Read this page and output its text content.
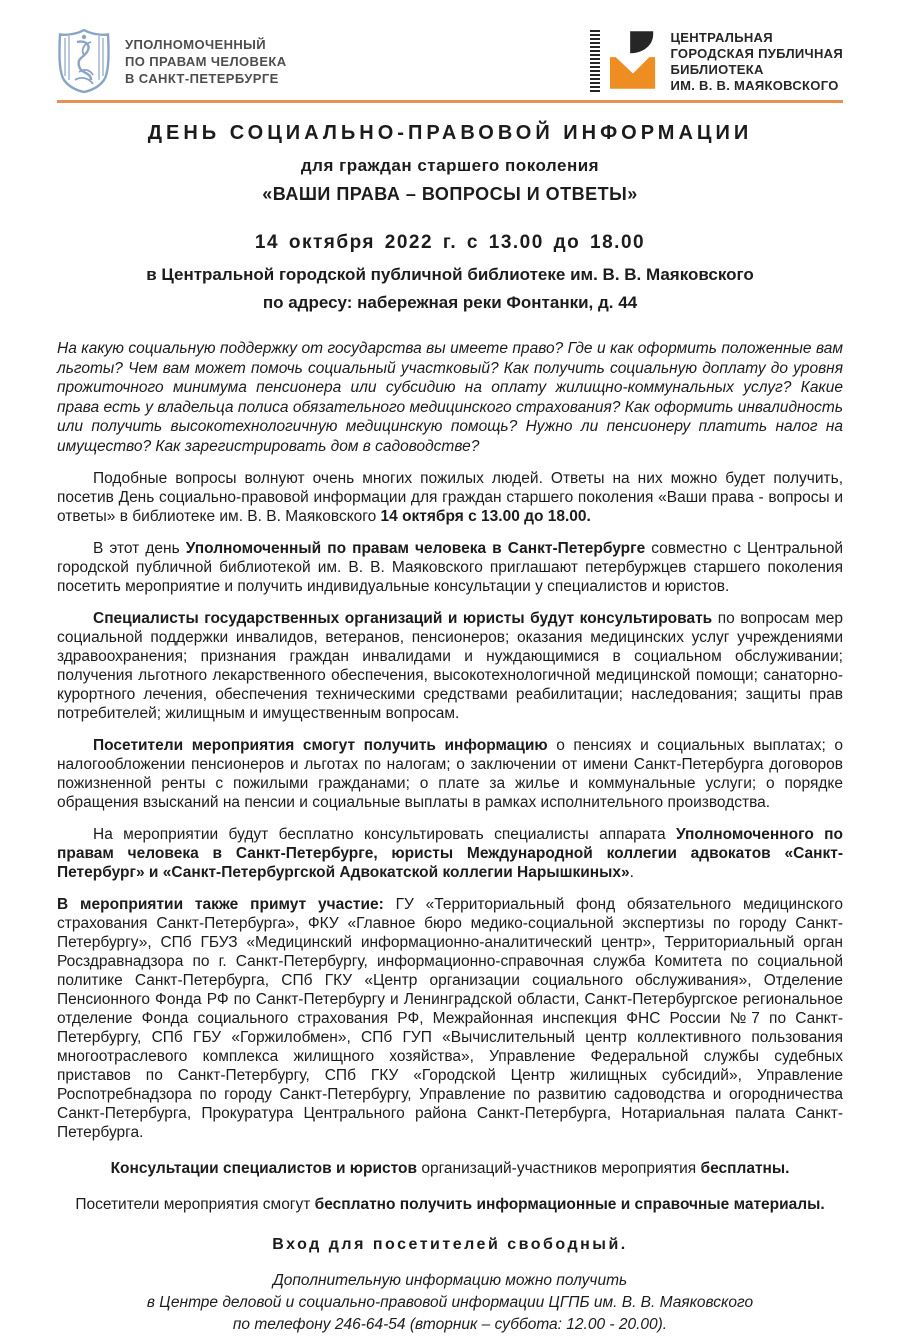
УПОЛНОМОЧЕННЫЙ
ПО ПРАВАМ ЧЕЛОВЕКА
В САНКТ-ПЕТЕРБУРГЕ
ЦЕНТРАЛЬНАЯ
ГОРОДСКАЯ ПУБЛИЧНАЯ
БИБЛИОТЕКА
ИМ. В. В. МАЯКОВСКОГО
ДЕНЬ СОЦИАЛЬНО-ПРАВОВОЙ ИНФОРМАЦИИ
для граждан старшего поколения
«ВАШИ ПРАВА – ВОПРОСЫ И ОТВЕТЫ»
14 октября 2022 г. с 13.00 до 18.00
в Центральной городской публичной библиотеке им. В. В. Маяковского
по адресу: набережная реки Фонтанки, д. 44

На какую социальную поддержку от государства вы имеете право? Где и как оформить положенные вам льготы? Чем вам может помочь социальный участковый? Как получить социальную доплату до уровня прожиточного минимума пенсионера или субсидию на оплату жилищно-коммунальных услуг? Какие права есть у владельца полиса обязательного медицинского страхования? Как оформить инвалидность или получить высокотехнологичную медицинскую помощь? Нужно ли пенсионеру платить налог на имущество? Как зарегистрировать дом в садоводстве?

Подобные вопросы волнуют очень многих пожилых людей. Ответы на них можно будет получить, посетив День социально-правовой информации для граждан старшего поколения «Ваши права - вопросы и ответы» в библиотеке им. В. В. Маяковского 14 октября с 13.00 до 18.00.

В этот день Уполномоченный по правам человека в Санкт-Петербурге совместно с Центральной городской публичной библиотекой им. В. В. Маяковского приглашают петербуржцев старшего поколения посетить мероприятие и получить индивидуальные консультации у специалистов и юристов.

Специалисты государственных организаций и юристы будут консультировать по вопросам мер социальной поддержки инвалидов, ветеранов, пенсионеров; оказания медицинских услуг учреждениями здравоохранения; признания граждан инвалидами и нуждающимися в социальном обслуживании; получения льготного лекарственного обеспечения, высокотехнологичной медицинской помощи; санаторно-курортного лечения, обеспечения техническими средствами реабилитации; наследования; защиты прав потребителей; жилищным и имущественным вопросам.

Посетители мероприятия смогут получить информацию о пенсиях и социальных выплатах; о налогообложении пенсионеров и льготах по налогам; о заключении от имени Санкт-Петербурга договоров пожизненной ренты с пожилыми гражданами; о плате за жилье и коммунальные услуги; о порядке обращения взысканий на пенсии и социальные выплаты в рамках исполнительного производства.

На мероприятии будут бесплатно консультировать специалисты аппарата Уполномоченного по правам человека в Санкт-Петербурге, юристы Международной коллегии адвокатов «Санкт-Петербург» и «Санкт-Петербургской Адвокатской коллегии Нарышкиных».

В мероприятии также примут участие: ГУ «Территориальный фонд обязательного медицинского страхования Санкт-Петербурга», ФКУ «Главное бюро медико-социальной экспертизы по городу Санкт-Петербургу», СПб ГБУЗ «Медицинский информационно-аналитический центр», Территориальный орган Росздравнадзора по г. Санкт-Петербургу, информационно-справочная служба Комитета по социальной политике Санкт-Петербурга, СПб ГКУ «Центр организации социального обслуживания», Отделение Пенсионного Фонда РФ по Санкт-Петербургу и Ленинградской области, Санкт-Петербургское региональное отделение Фонда социального страхования РФ, Межрайонная инспекция ФНС России №7 по Санкт-Петербургу, СПб ГБУ «Горжилобмен», СПб ГУП «Вычислительный центр коллективного пользования многоотраслевого комплекса жилищного хозяйства», Управление Федеральной службы судебных приставов по Санкт-Петербургу, СПб ГКУ «Городской Центр жилищных субсидий», Управление Роспотребнадзора по городу Санкт-Петербургу, Управление по развитию садоводства и огородничества Санкт-Петербурга, Прокуратура Центрального района Санкт-Петербурга, Нотариальная палата Санкт-Петербурга.

Консультации специалистов и юристов организаций-участников мероприятия бесплатны.

Посетители мероприятия смогут бесплатно получить информационные и справочные материалы.

Вход для посетителей свободный.

Дополнительную информацию можно получить
в Центре деловой и социально-правовой информации ЦГПБ им. В. В. Маяковского
по телефону 246-64-54 (вторник – суббота: 12.00 - 20.00).
